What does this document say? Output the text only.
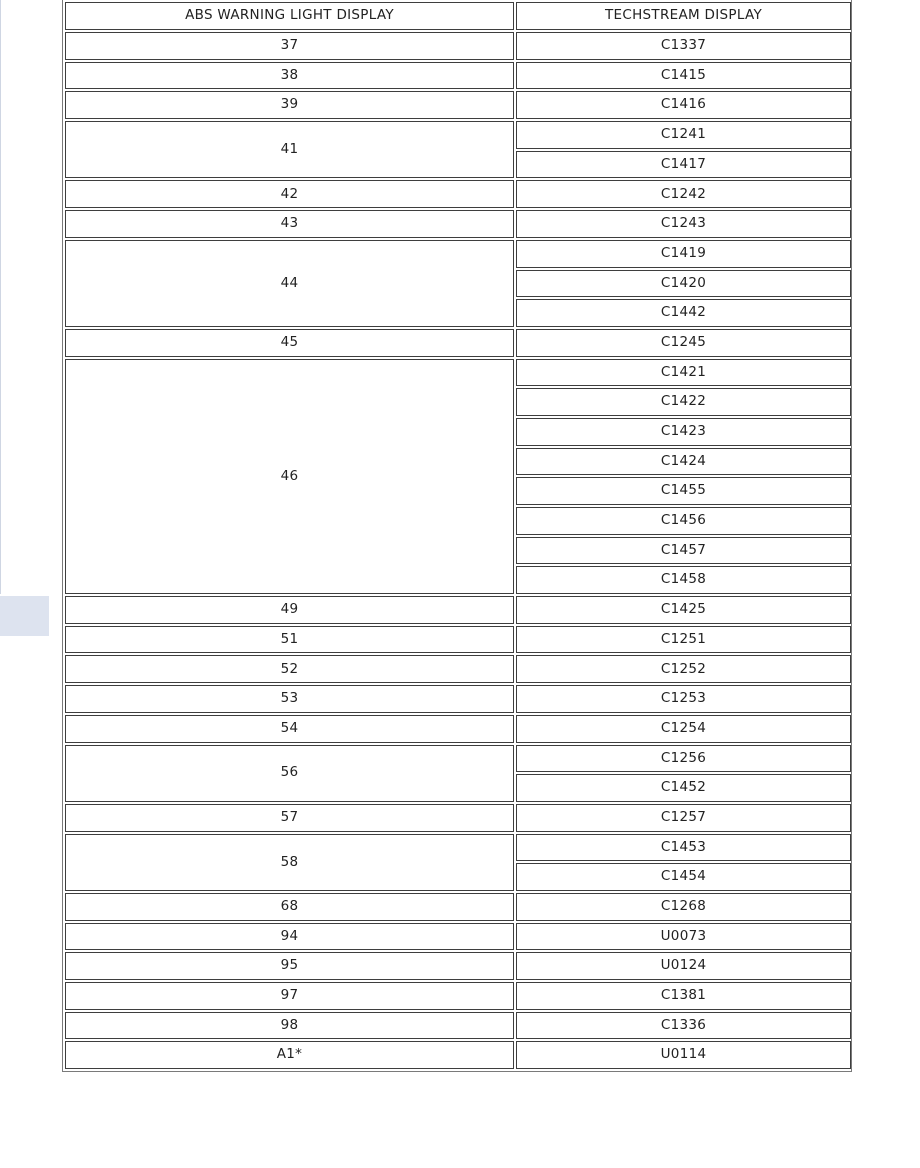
ABS WARNING LIGHT DISPLAY	TECHSTREAM DISPLAY
37	C1337
38	C1415
39	C1416
41	C1241
	C1417
42	C1242
43	C1243
44	C1419
	C1420
	C1442
45	C1245
46	C1421
	C1422
	C1423
	C1424
	C1455
	C1456
	C1457
	C1458
49	C1425
51	C1251
52	C1252
53	C1253
54	C1254
56	C1256
	C1452
57	C1257
58	C1453
	C1454
68	C1268
94	U0073
95	U0124
97	C1381
98	C1336
A1*	U0114
